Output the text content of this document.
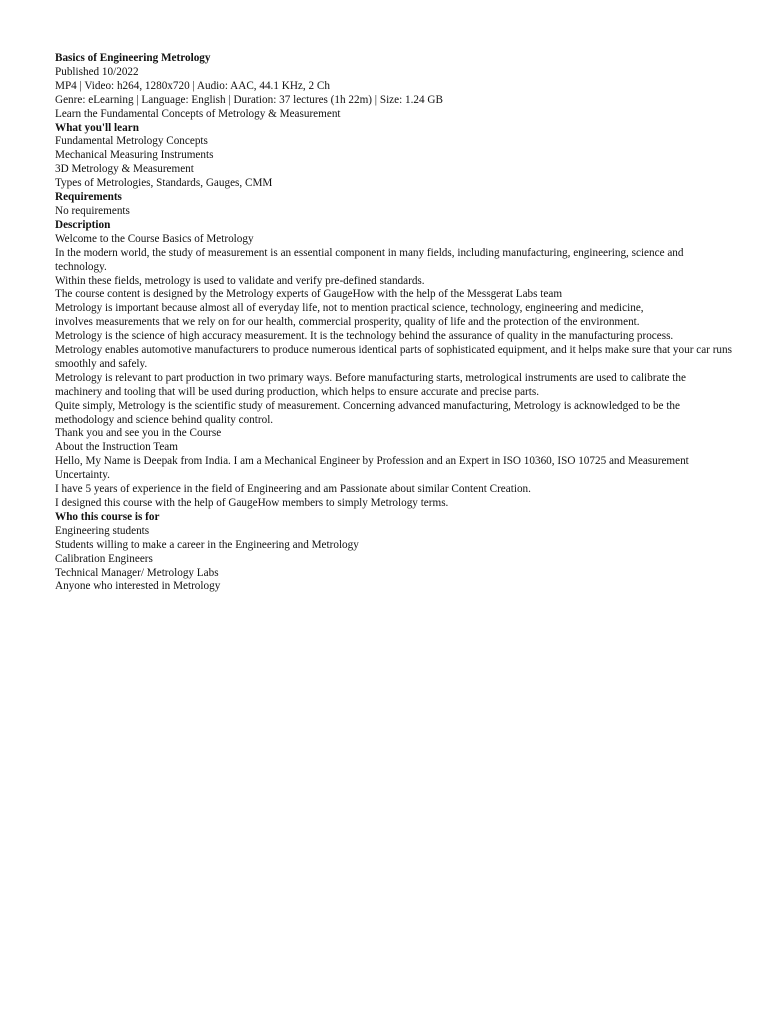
Basics of Engineering Metrology
Published 10/2022
MP4 | Video: h264, 1280x720 | Audio: AAC, 44.1 KHz, 2 Ch
Genre: eLearning | Language: English | Duration: 37 lectures (1h 22m) | Size: 1.24 GB
Learn the Fundamental Concepts of Metrology & Measurement
What you'll learn
Fundamental Metrology Concepts
Mechanical Measuring Instruments
3D Metrology & Measurement
Types of Metrologies, Standards, Gauges, CMM
Requirements
No requirements
Description
Welcome to the Course Basics of Metrology
In the modern world, the study of measurement is an essential component in many fields, including manufacturing, engineering, science and technology.
Within these fields, metrology is used to validate and verify pre-defined standards.
The course content is designed by the Metrology experts of GaugeHow with the help of the Messgerat Labs team
Metrology is important because almost all of everyday life, not to mention practical science, technology, engineering and medicine,
involves measurements that we rely on for our health, commercial prosperity, quality of life and the protection of the environment.
Metrology is the science of high accuracy measurement. It is the technology behind the assurance of quality in the manufacturing process.
Metrology enables automotive manufacturers to produce numerous identical parts of sophisticated equipment, and it helps make sure that your car runs smoothly and safely.
Metrology is relevant to part production in two primary ways. Before manufacturing starts, metrological instruments are used to calibrate the machinery and tooling that will be used during production, which helps to ensure accurate and precise parts.
Quite simply, Metrology is the scientific study of measurement. Concerning advanced manufacturing, Metrology is acknowledged to be the methodology and science behind quality control.
Thank you and see you in the Course
About the Instruction Team
Hello, My Name is Deepak from India. I am a Mechanical Engineer by Profession and an Expert in ISO 10360, ISO 10725 and Measurement Uncertainty.
I have 5 years of experience in the field of Engineering and am Passionate about similar Content Creation.
I designed this course with the help of GaugeHow members to simply Metrology terms.
Who this course is for
Engineering students
Students willing to make a career in the Engineering and Metrology
Calibration Engineers
Technical Manager/ Metrology Labs
Anyone who interested in Metrology
